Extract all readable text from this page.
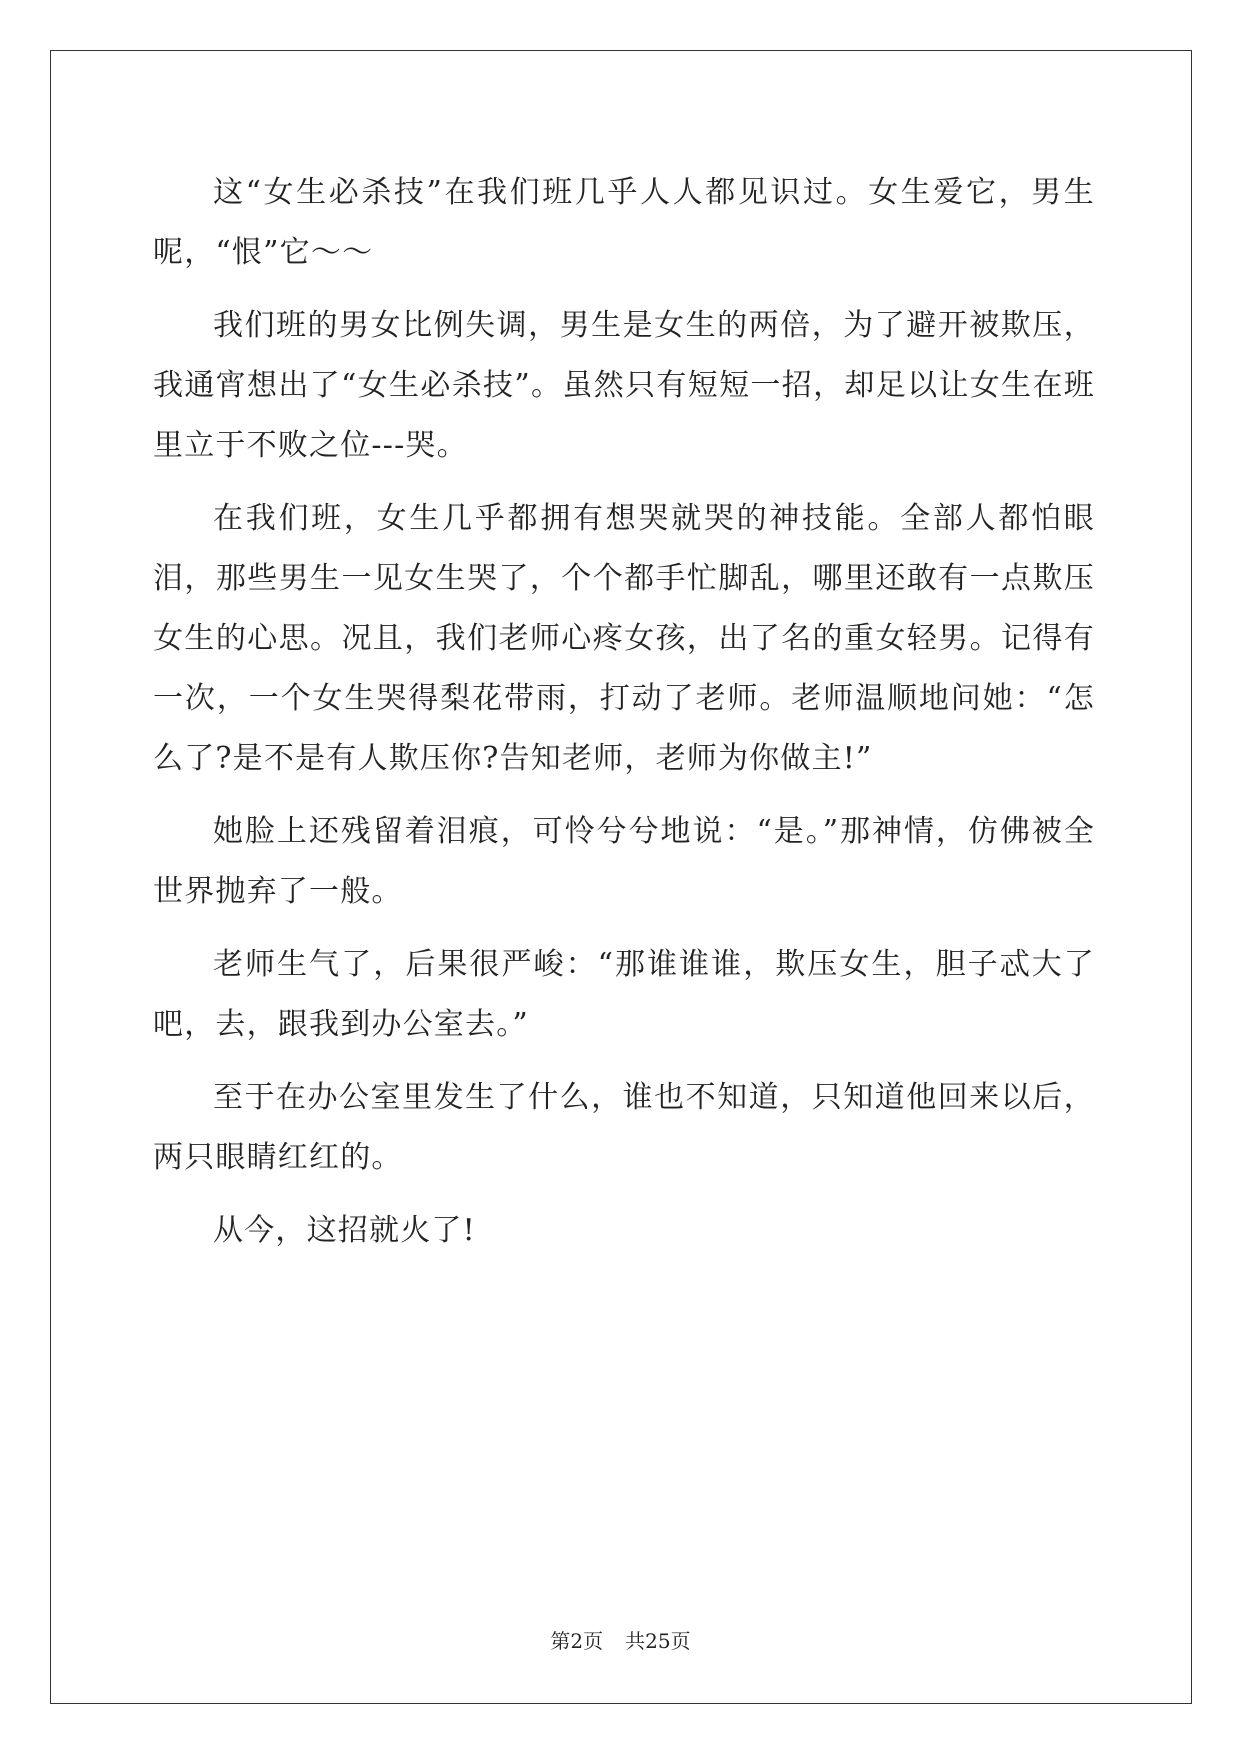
这“女生必杀技”在我们班几乎人人都见识过。女生爱它，男生呢，“恨”它～～

我们班的男女比例失调，男生是女生的两倍，为了避开被欺压，我通宵想出了“女生必杀技”。虽然只有短短一招，却足以让女生在班里立于不败之位---哭。

在我们班，女生几乎都拥有想哭就哭的神技能。全部人都怕眼泪，那些男生一见女生哭了，个个都手忙脚乱，哪里还敢有一点欺压女生的心思。况且，我们老师心疼女孩，出了名的重女轻男。记得有一次，一个女生哭得梨花带雨，打动了老师。老师温顺地问她：“怎么了?是不是有人欺压你?告知老师，老师为你做主!”

她脸上还残留着泪痕，可怜兮兮地说：“是。”那神情，仿佛被全世界抛弃了一般。

老师生气了，后果很严峻：“那谁谁谁，欺压女生，胆子忒大了吧，去，跟我到办公室去。”

至于在办公室里发生了什么，谁也不知道，只知道他回来以后，两只眼睛红红的。

从今，这招就火了!

第2页 共25页
